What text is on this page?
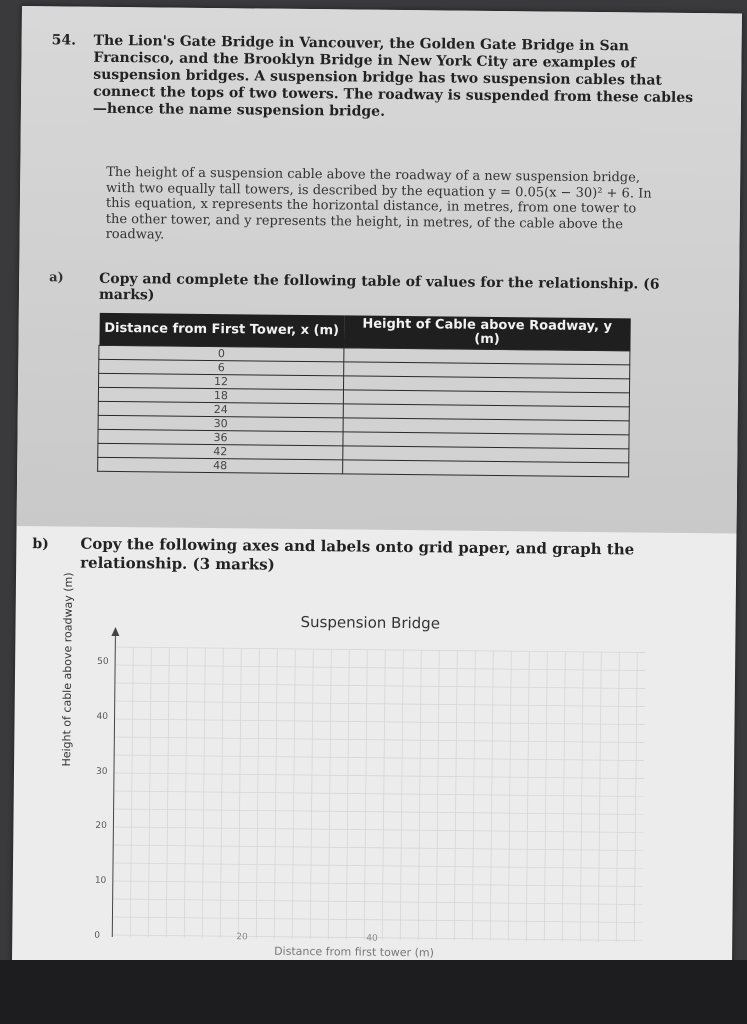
54. The Lion's Gate Bridge in Vancouver, the Golden Gate Bridge in San Francisco, and the Brooklyn Bridge in New York City are examples of suspension bridges. A suspension bridge has two suspension cables that connect the tops of two towers. The roadway is suspended from these cables—hence the name suspension bridge.
The height of a suspension cable above the roadway of a new suspension bridge, with two equally tall towers, is described by the equation y = 0.05(x − 30)² + 6. In this equation, x represents the horizontal distance, in metres, from one tower to the other tower, and y represents the height, in metres, of the cable above the roadway.
a)	Copy and complete the following table of values for the relationship. (6 marks)
Distance from First Tower, x (m)	Height of Cable above Roadway, y (m)
0	
6	
12	
18	
24	
30	
36	
42	
48	
b) Copy the following axes and labels onto grid paper, and graph the relationship. (3 marks)
Suspension Bridge
50
40
30
20
10
0	20	40
Height of cable above roadway (m)
Distance from first tower (m)
